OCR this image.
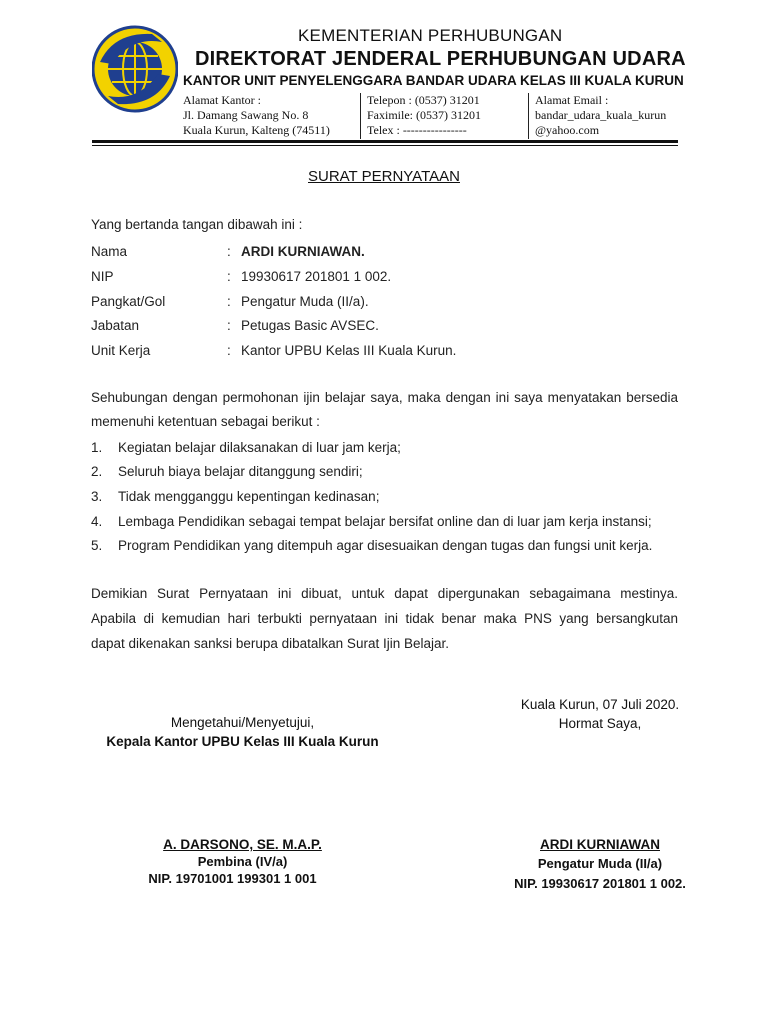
KEMENTERIAN PERHUBUNGAN
DIREKTORAT JENDERAL PERHUBUNGAN UDARA
KANTOR UNIT PENYELENGGARA BANDAR UDARA KELAS III KUALA KURUN
Alamat Kantor :
Jl. Damang Sawang No. 8
Kuala Kurun, Kalteng (74511)
Telepon : (0537) 31201
Faximile: (0537) 31201
Telex : ----------------
Alamat Email :
bandar_udara_kuala_kurun
@yahoo.com
SURAT PERNYATAAN
Yang bertanda tangan dibawah ini :
Nama	: ARDI KURNIAWAN.
NIP	: 19930617 201801 1 002.
Pangkat/Gol	: Pengatur Muda (II/a).
Jabatan	: Petugas Basic AVSEC.
Unit Kerja	: Kantor UPBU Kelas III Kuala Kurun.
Sehubungan dengan permohonan ijin belajar saya, maka dengan ini saya menyatakan bersedia
memenuhi ketentuan sebagai berikut :
1. Kegiatan belajar dilaksanakan di luar jam kerja;
2. Seluruh biaya belajar ditanggung sendiri;
3. Tidak mengganggu kepentingan kedinasan;
4. Lembaga Pendidikan sebagai tempat belajar bersifat online dan di luar jam kerja instansi;
5. Program Pendidikan yang ditempuh agar disesuaikan dengan tugas dan fungsi unit kerja.
Demikian Surat Pernyataan ini dibuat, untuk dapat dipergunakan sebagaimana mestinya.
Apabila di kemudian hari terbukti pernyataan ini tidak benar maka PNS yang bersangkutan
dapat dikenakan sanksi berupa dibatalkan Surat Ijin Belajar.
Kuala Kurun, 07 Juli 2020.
Hormat Saya,
Mengetahui/Menyetujui,
Kepala Kantor UPBU Kelas III Kuala Kurun
A. DARSONO, SE. M.A.P.
Pembina (IV/a)
NIP. 19701001 199301 1 001
ARDI KURNIAWAN
Pengatur Muda (II/a)
NIP. 19930617 201801 1 002.
